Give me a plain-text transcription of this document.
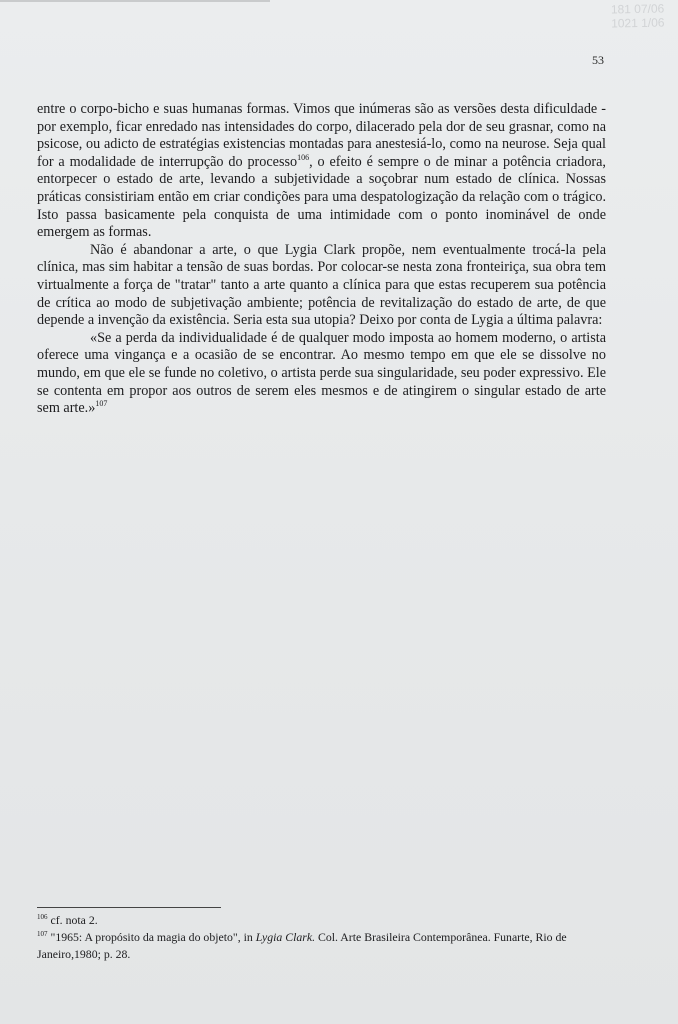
181 07/06
1021 1/06
53

entre o corpo-bicho e suas humanas formas. Vimos que inúmeras são as versões desta dificuldade - por exemplo, ficar enredado nas intensidades do corpo, dilacerado pela dor de seu grasnar, como na psicose, ou adicto de estratégias existencias montadas para anestesiá-lo, como na neurose. Seja qual for a modalidade de interrupção do processo$^{106}$, o efeito é sempre o de minar a potência criadora, entorpecer o estado de arte, levando a subjetividade a soçobrar num estado de clínica. Nossas práticas consistiriam então em criar condições para uma despatologização da relação com o trágico. Isto passa basicamente pela conquista de uma intimidade com o ponto inominável de onde emergem as formas.

Não é abandonar a arte, o que Lygia Clark propõe, nem eventualmente trocá-la pela clínica, mas sim habitar a tensão de suas bordas. Por colocar-se nesta zona fronteiriça, sua obra tem virtualmente a força de "tratar" tanto a arte quanto a clínica para que estas recuperem sua potência de crítica ao modo de subjetivação ambiente; potência de revitalização do estado de arte, de que depende a invenção da existência. Seria esta sua utopia? Deixo por conta de Lygia a última palavra:

«Se a perda da individualidade é de qualquer modo imposta ao homem moderno, o artista oferece uma vingança e a ocasião de se encontrar. Ao mesmo tempo em que ele se dissolve no mundo, em que ele se funde no coletivo, o artista perde sua singularidade, seu poder expressivo. Ele se contenta em propor aos outros de serem eles mesmos e de atingirem o singular estado de arte sem arte.»$^{107}$

$^{106}$ cf. nota 2.

$^{107}$ "1965: A propósito da magia do objeto", in Lygia Clark. Col. Arte Brasileira Contemporânea. Funarte, Rio de Janeiro,1980; p. 28.
